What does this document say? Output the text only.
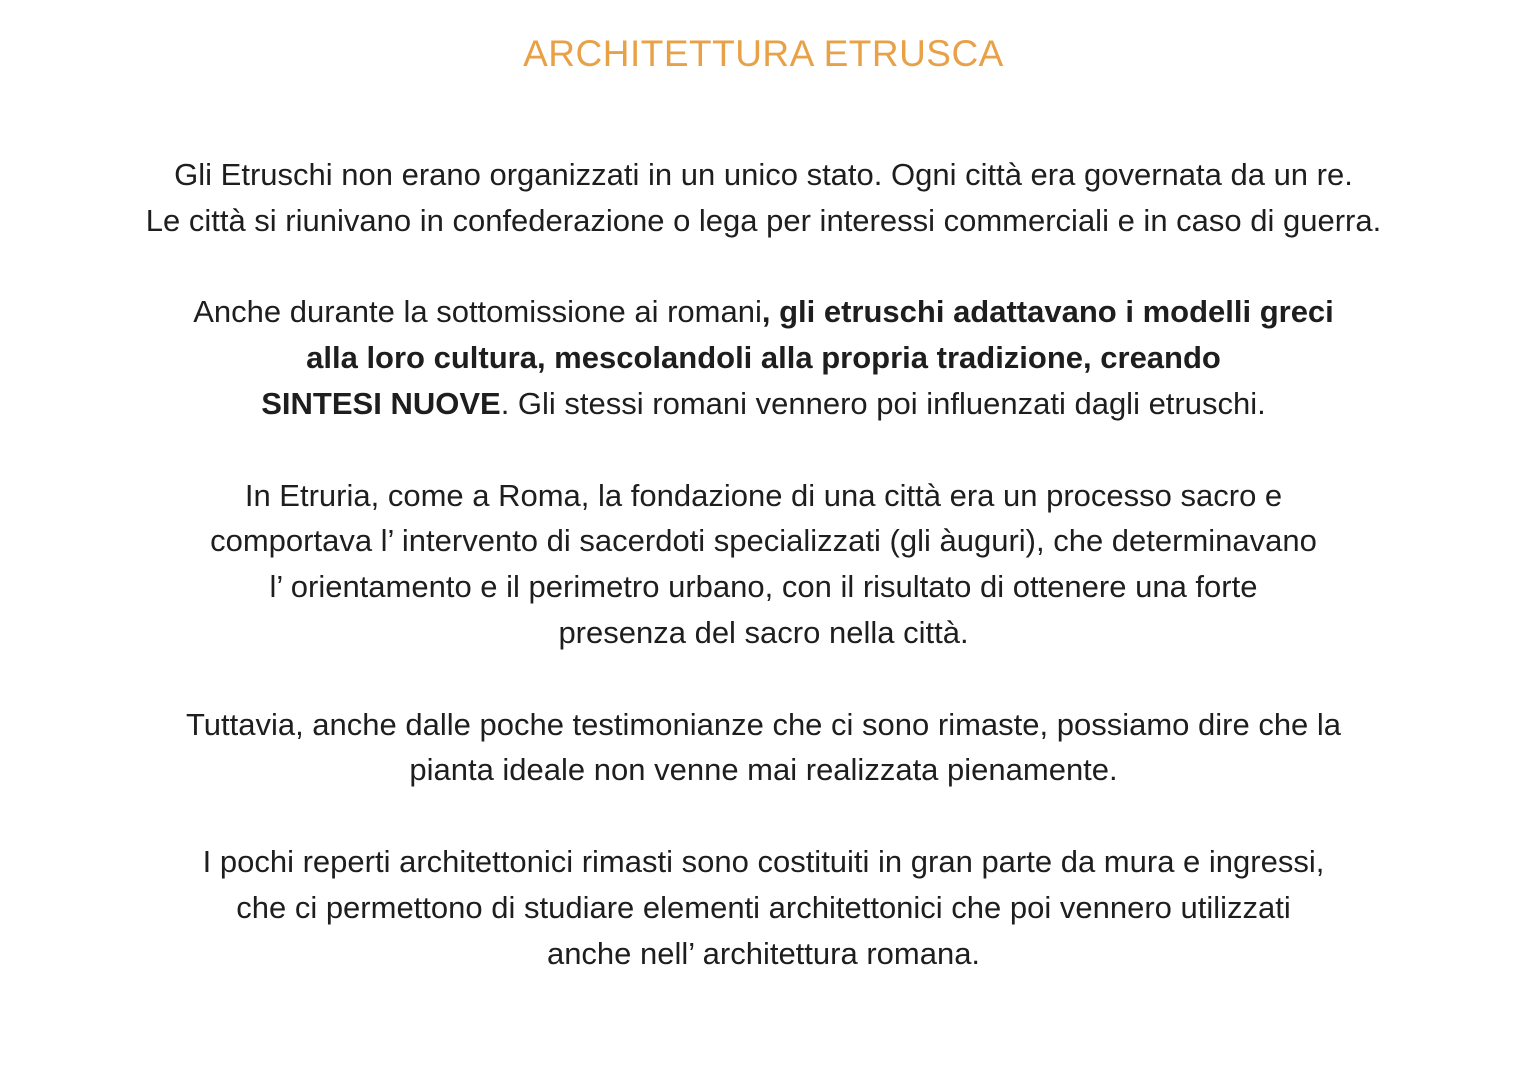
ARCHITETTURA ETRUSCA
Gli Etruschi non erano organizzati in un unico stato. Ogni città era governata da un re.
Le città si riunivano in confederazione o lega per interessi commerciali e in caso di guerra.
Anche durante la sottomissione ai romani, gli etruschi adattavano i modelli greci
alla loro cultura, mescolandoli alla propria tradizione, creando
SINTESI NUOVE. Gli stessi romani vennero poi influenzati dagli etruschi.
In Etruria, come a Roma, la fondazione di una città era un processo sacro e
comportava l’ intervento di sacerdoti specializzati (gli àuguri), che determinavano
l’ orientamento e il perimetro urbano, con il risultato di ottenere una forte
presenza del sacro nella città.
Tuttavia, anche dalle poche testimonianze che ci sono rimaste, possiamo dire che la
pianta ideale non venne mai realizzata pienamente.
I pochi reperti architettonici rimasti sono costituiti in gran parte da mura e ingressi,
che ci permettono di studiare elementi architettonici che poi vennero utilizzati
anche nell’ architettura romana.
